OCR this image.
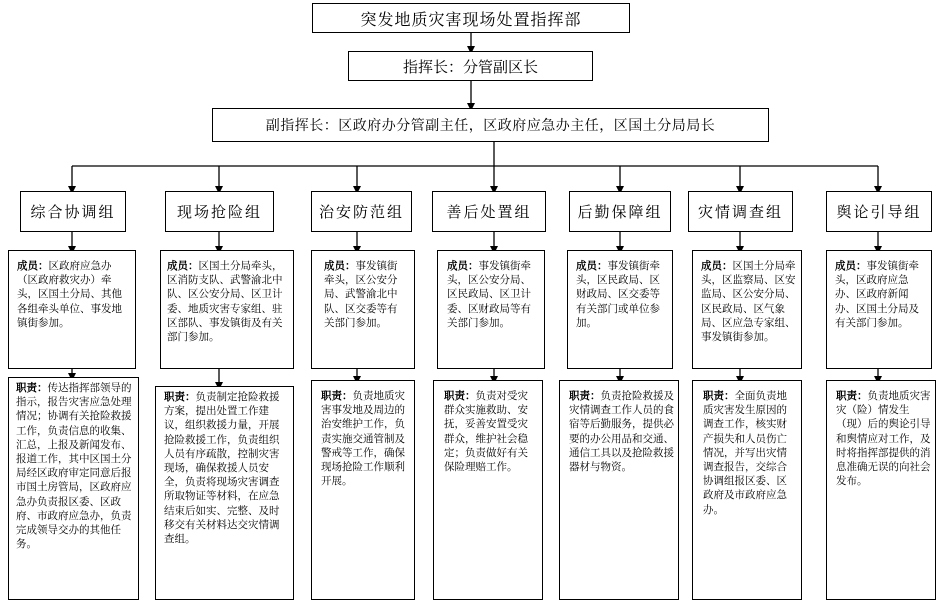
突发地质灾害现场处置指挥部
指挥长：分管副区长
副指挥长： 区政府办分管副主任，区政府应急办主任，区国土分局局长
综合协调组
成员：区政府应急办（区政府救灾办）牵头，区国土分局、其他各组牵头单位、事发地镇街参加。
职责：传达指挥部领导的指示，报告灾害应急处理情况；协调有关抢险救援工作，负责信息的收集、汇总，上报及新闻发布、报道工作，其中区国土分局经区政府审定同意后报市国土房管局，区政府应急办负责报区委、区政府、市政府应急办，负责完成领导交办的其他任务。
现场抢险组
成员：区国土分局牵头，区消防支队、武警渝北中队、区公安分局、区卫计委、地质灾害专家组、驻区部队、事发镇街及有关部门参加。
职责：负责制定抢险救援方案，提出处置工作建议，组织救援力量，开展抢险救援工作，负责组织人员有序疏散，控制灾害现场，确保救援人员安全，负责将现场灾害调查所取物证等材料，在应急结束后如实、完整、及时移交有关材料达交灾情调查组。
治安防范组
成员：事发镇街牵头，区公安分局、武警渝北中队、区交委等有关部门参加。
职责：负责地质灾害事发地及周边的治安维护工作，负责实施交通管制及警戒等工作，确保现场抢险工作顺利开展。
善后处置组
成员：事发镇街牵头，区公安分局、区民政局、区卫计委、区财政局等有关部门参加。
职责：负责对受灾群众实施救助、安抚，妥善安置受灾群众，维护社会稳定；负责做好有关保险理赔工作。
后勤保障组
成员：事发镇街牵头，区民政局、区财政局、区交委等有关部门或单位参加。
职责：负责抢险救援及灾情调查工作人员的食宿等后勤服务，提供必要的办公用品和交通、通信工具以及抢险救援器材与物资。
灾情调查组
成员：区国土分局牵头，区监察局、区安监局、区公安分局、区民政局、区气象局、区应急专家组、事发镇街参加。
职责：全面负责地质灾害发生原因的调查工作，核实财产损失和人员伤亡情况，并写出灾情调查报告，交综合协调组报区委、区政府及市政府应急办。
舆论引导组
成员：事发镇街牵头，区政府应急办、区政府新闻办、区国土分局及有关部门参加。
职责：负责地质灾害灾（险）情发生（现）后的舆论引导和舆情应对工作，及时将指挥部提供的消息准确无误的向社会发布。
